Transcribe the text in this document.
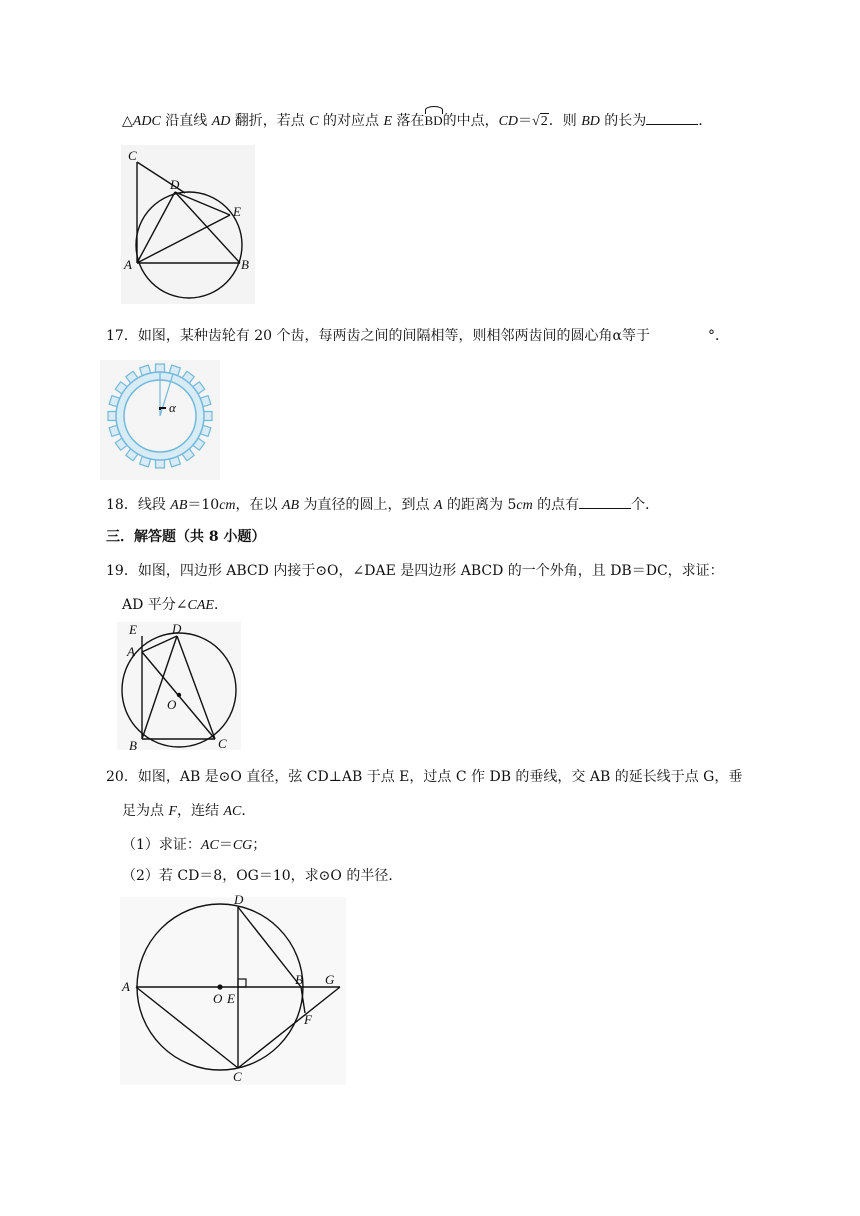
△ADC 沿直线 AD 翻折，若点 C 的对应点 E 落在BD的中点，CD＝√2．则 BD 的长为	．
C
D
E
A	B
17．如图，某种齿轮有 20 个齿，每两齿之间的间隔相等，则相邻两齿间的圆心角α等于	°．
α
18．线段 AB＝10cm，在以 AB 为直径的圆上，到点 A 的距离为 5cm 的点有	个．
三．解答题（共 8 小题）
19．如图，四边形 ABCD 内接于⊙O，∠DAE 是四边形 ABCD 的一个外角，且 DB＝DC，求证：
AD 平分∠CAE．
E	D
A
O
B	C
20．如图，AB 是⊙O 直径，弦 CD⊥AB 于点 E，过点 C 作 DB 的垂线，交 AB 的延长线于点 G，垂
足为点 F，连结 AC．
（1）求证：AC＝CG；
（2）若 CD＝8，OG＝10，求⊙O 的半径．
D
A
O E
B G
F
C
